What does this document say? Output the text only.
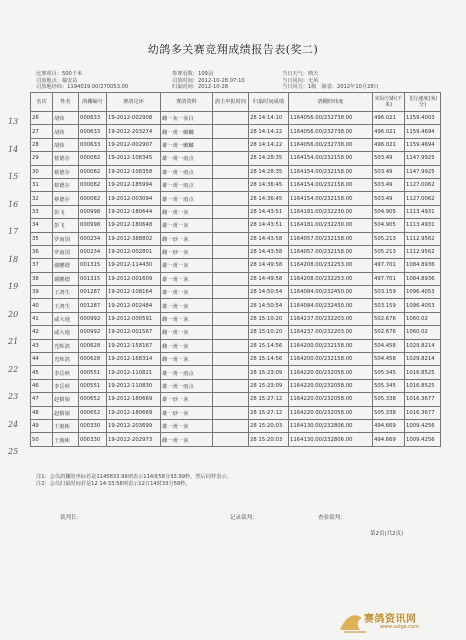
幼鸽多关赛竞翔成绩报告表(奖二)
比赛项目：500千米
司放地点：榆安站
司放地经纬：1194019.00/270053.00
参赛羽数：109羽
司放时间：2012-10-28 07:10
归巢时间：2012-10-28
当日天气：晴天
当日风向：无风
当日风力：1级 制表：2012年10月28日
名次	姓名	鸽棚编号	赛鸽足环	赛鸽资料	鸽主申报时间	归巢时间成绩	鸽棚经纬度	实际空距(千米)	飞行速度(米/分)
26	胡炜	000633	19-2012-002908	雌一灰一灰白		28 14:14:10	1164056.00/232738.00	496.021	1159.4003
27	胡炜	000633	19-2012-203274	雌一黄一麒麟		28 14:14:22	1164056.00/232738.00	496.021	1159.4694
28	胡炜	000633	19-2012-002907	雄一黄一麒麟		28 14:14:22	1164056.00/232738.00	496.021	1159.4694
29	蔡德存	000082	19-2012-108345	雄一黄一雨点		28 14:28:35	1164154.00/232158.00	503.49	1147.9925
30	蔡德存	000082	19-2012-108358	雄一黄一雨点		28 14:28:35	1164154.00/232158.00	503.49	1147.9925
31	蔡德存	000082	19-2012-185994	雄一黄一雨点		28 14:36:45	1164154.00/232158.00	503.49	1127.0062
32	蔡德存	000082	19-2012-003094	雄一黄一雨点		28 14:36:45	1164154.00/232158.00	503.49	1127.0062
33	彭飞	000998	19-2012-180644	雌一黄一灰		28 14:43:51	1164181.00/232230.00	504.905	1113.4931
34	彭飞	000998	19-2012-180648	雄一黄一灰		28 14:43:51	1164181.00/232230.00	504.905	1113.4931
35	罗南国	000234	19-2012-388802	雌一砂一灰		28 14:43:58	1164057.00/232158.00	505.213	1112.9562
36	罗南国	000234	19-2012-002801	雌一砂一灰		28 14:43:58	1164057.00/232158.00	505.213	1112.9562
37	谢鹏德	001315	19-2012-114430	雄一黄一灰		28 14:49:58	1164208.00/232253.00	497.701	1084.8936
38	谢鹏德	001315	19-2012-001609	雄一黄一灰		28 14:49:58	1164208.00/232253.00	497.701	1084.8936
39	王鸿生	001287	19-2012-108164	雄一黄一灰		28 14:50:54	1164084.00/232450.00	503.159	1096.4053
40	王鸿生	001287	19-2012-002484	雄一黄一灰		28 14:50:54	1164084.00/232450.00	503.159	1096.4053
41	咸大地	000992	19-2012-000591	雌一黄一灰		28 15:10:20	1164237.00/232203.00	502.676	1060.02
42	咸大地	000992	19-2012-001567	雌一黄一灰		28 15:10:20	1164237.00/232203.00	502.676	1060.02
43	光辉鸽	000628	19-2012-158167	雌一黄一灰		28 15:14:56	1164200.00/232158.00	504.458	1029.8214
44	光辉鸽	000628	19-2012-168314	雌一黄一灰		28 15:14:56	1164200.00/232158.00	504.458	1029.8214
45	李岳秋	000551	19-2012-110821	雄一黄一雨点		28 15:23:09	1164220.00/232058.00	505.345	1016.8525
46	李岳秋	000551	19-2012-110830	雄一黄一雨点		28 15:23:09	1164220.00/232058.00	505.345	1016.8525
47	赵婿娘	000652	19-2012-180669	雄一砂一灰		28 15:27:12	1164220.00/232058.00	505.338	1016.3677
48	赵婿娘	000652	19-2012-180669	雄一砂一灰		28 15:27:12	1164220.00/232058.00	505.338	1016.3677
49	王俊彬	000330	19-2012-203699	雄一黄一灰		28 15:20:03	1164130.00/232806.00	494.669	1009.4256
50	王俊彬	000330	19-2012-202973	雌一黄一灰		28 15:20:03	1164130.00/232806.00	494.669	1009.4256
注1：会员鸽棚的坐标若是1145833.99则表示114度58分33.99秒，然后同样表示。
注2：会员归巢时间若是12 14:33:58则表示12日14时33分58秒。
裁判长：	记录裁判：	查验裁判：
第2页(共2页)
13
14
15
16
17
18
19
20
21
22
23
24
25
赛鸽资讯网
www.saige.com
